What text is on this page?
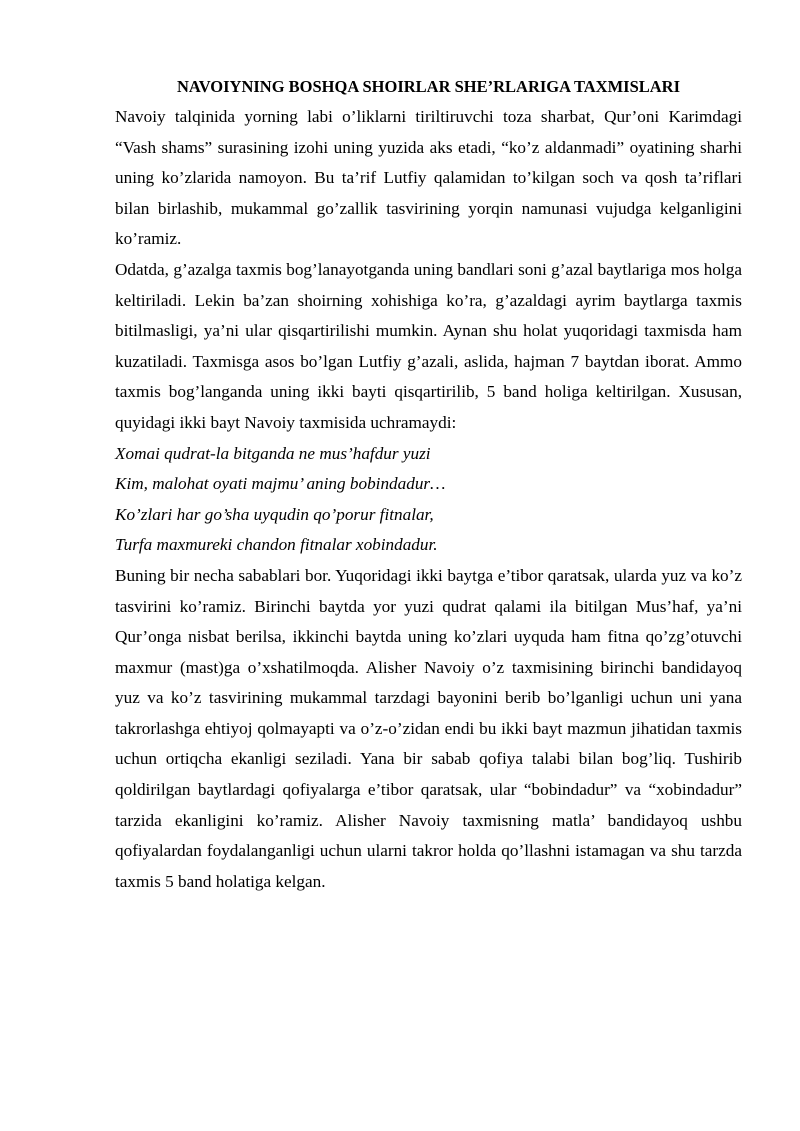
NAVOIYNING BOSHQA SHOIRLAR SHE’RLARIGA TAXMISLARI

Navoiy talqinida yorning labi o’liklarni tiriltiruvchi toza sharbat, Qur’oni Karimdagi “Vash shams” surasining izohi uning yuzida aks etadi, “ko’z aldanmadi” oyatining sharhi uning ko’zlarida namoyon. Bu ta’rif Lutfiy qalamidan to’kilgan soch va qosh ta’riflari bilan birlashib, mukammal go’zallik tasvirining yorqin namunasi vujudga kelganligini ko’ramiz.

Odatda, g’azalga taxmis bog’lanayotganda uning bandlari soni g’azal baytlariga mos holga keltiriladi. Lekin ba’zan shoirning xohishiga ko’ra, g’azaldagi ayrim baytlarga taxmis bitilmasligi, ya’ni ular qisqartirilishi mumkin. Aynan shu holat yuqoridagi taxmisda ham kuzatiladi. Taxmisga asos bo’lgan Lutfiy g’azali, aslida, hajman 7 baytdan iborat. Ammo taxmis bog’langanda uning ikki bayti qisqartirilib, 5 band holiga keltirilgan. Xususan, quyidagi ikki bayt Navoiy taxmisida uchramaydi:

Xomai qudrat-la bitganda ne mus’hafdur yuzi

Kim, malohat oyati majmu’ aning bobindadur…

Ko’zlari har go’sha uyqudin qo’porur fitnalar,

Turfa maxmureki chandon fitnalar xobindadur.

Buning bir necha sabablari bor. Yuqoridagi ikki baytga e’tibor qaratsak, ularda yuz va ko’z tasvirini ko’ramiz. Birinchi baytda yor yuzi qudrat qalami ila bitilgan Mus’haf, ya’ni Qur’onga nisbat berilsa, ikkinchi baytda uning ko’zlari uyquda ham fitna qo’zg’otuvchi maxmur (mast)ga o’xshatilmoqda. Alisher Navoiy o’z taxmisining birinchi bandidayoq yuz va ko’z tasvirining mukammal tarzdagi bayonini berib bo’lganligi uchun uni yana takrorlashga ehtiyoj qolmayapti va o’z-o’zidan endi bu ikki bayt mazmun jihatidan taxmis uchun ortiqcha ekanligi seziladi. Yana bir sabab qofiya talabi bilan bog’liq. Tushirib qoldirilgan baytlardagi qofiyalarga e’tibor qaratsak, ular “bobindadur” va “xobindadur” tarzida ekanligini ko’ramiz. Alisher Navoiy taxmisning matla’ bandidayoq ushbu qofiyalardan foydalanganligi uchun ularni takror holda qo’llashni istamagan va shu tarzda taxmis 5 band holatiga kelgan.
